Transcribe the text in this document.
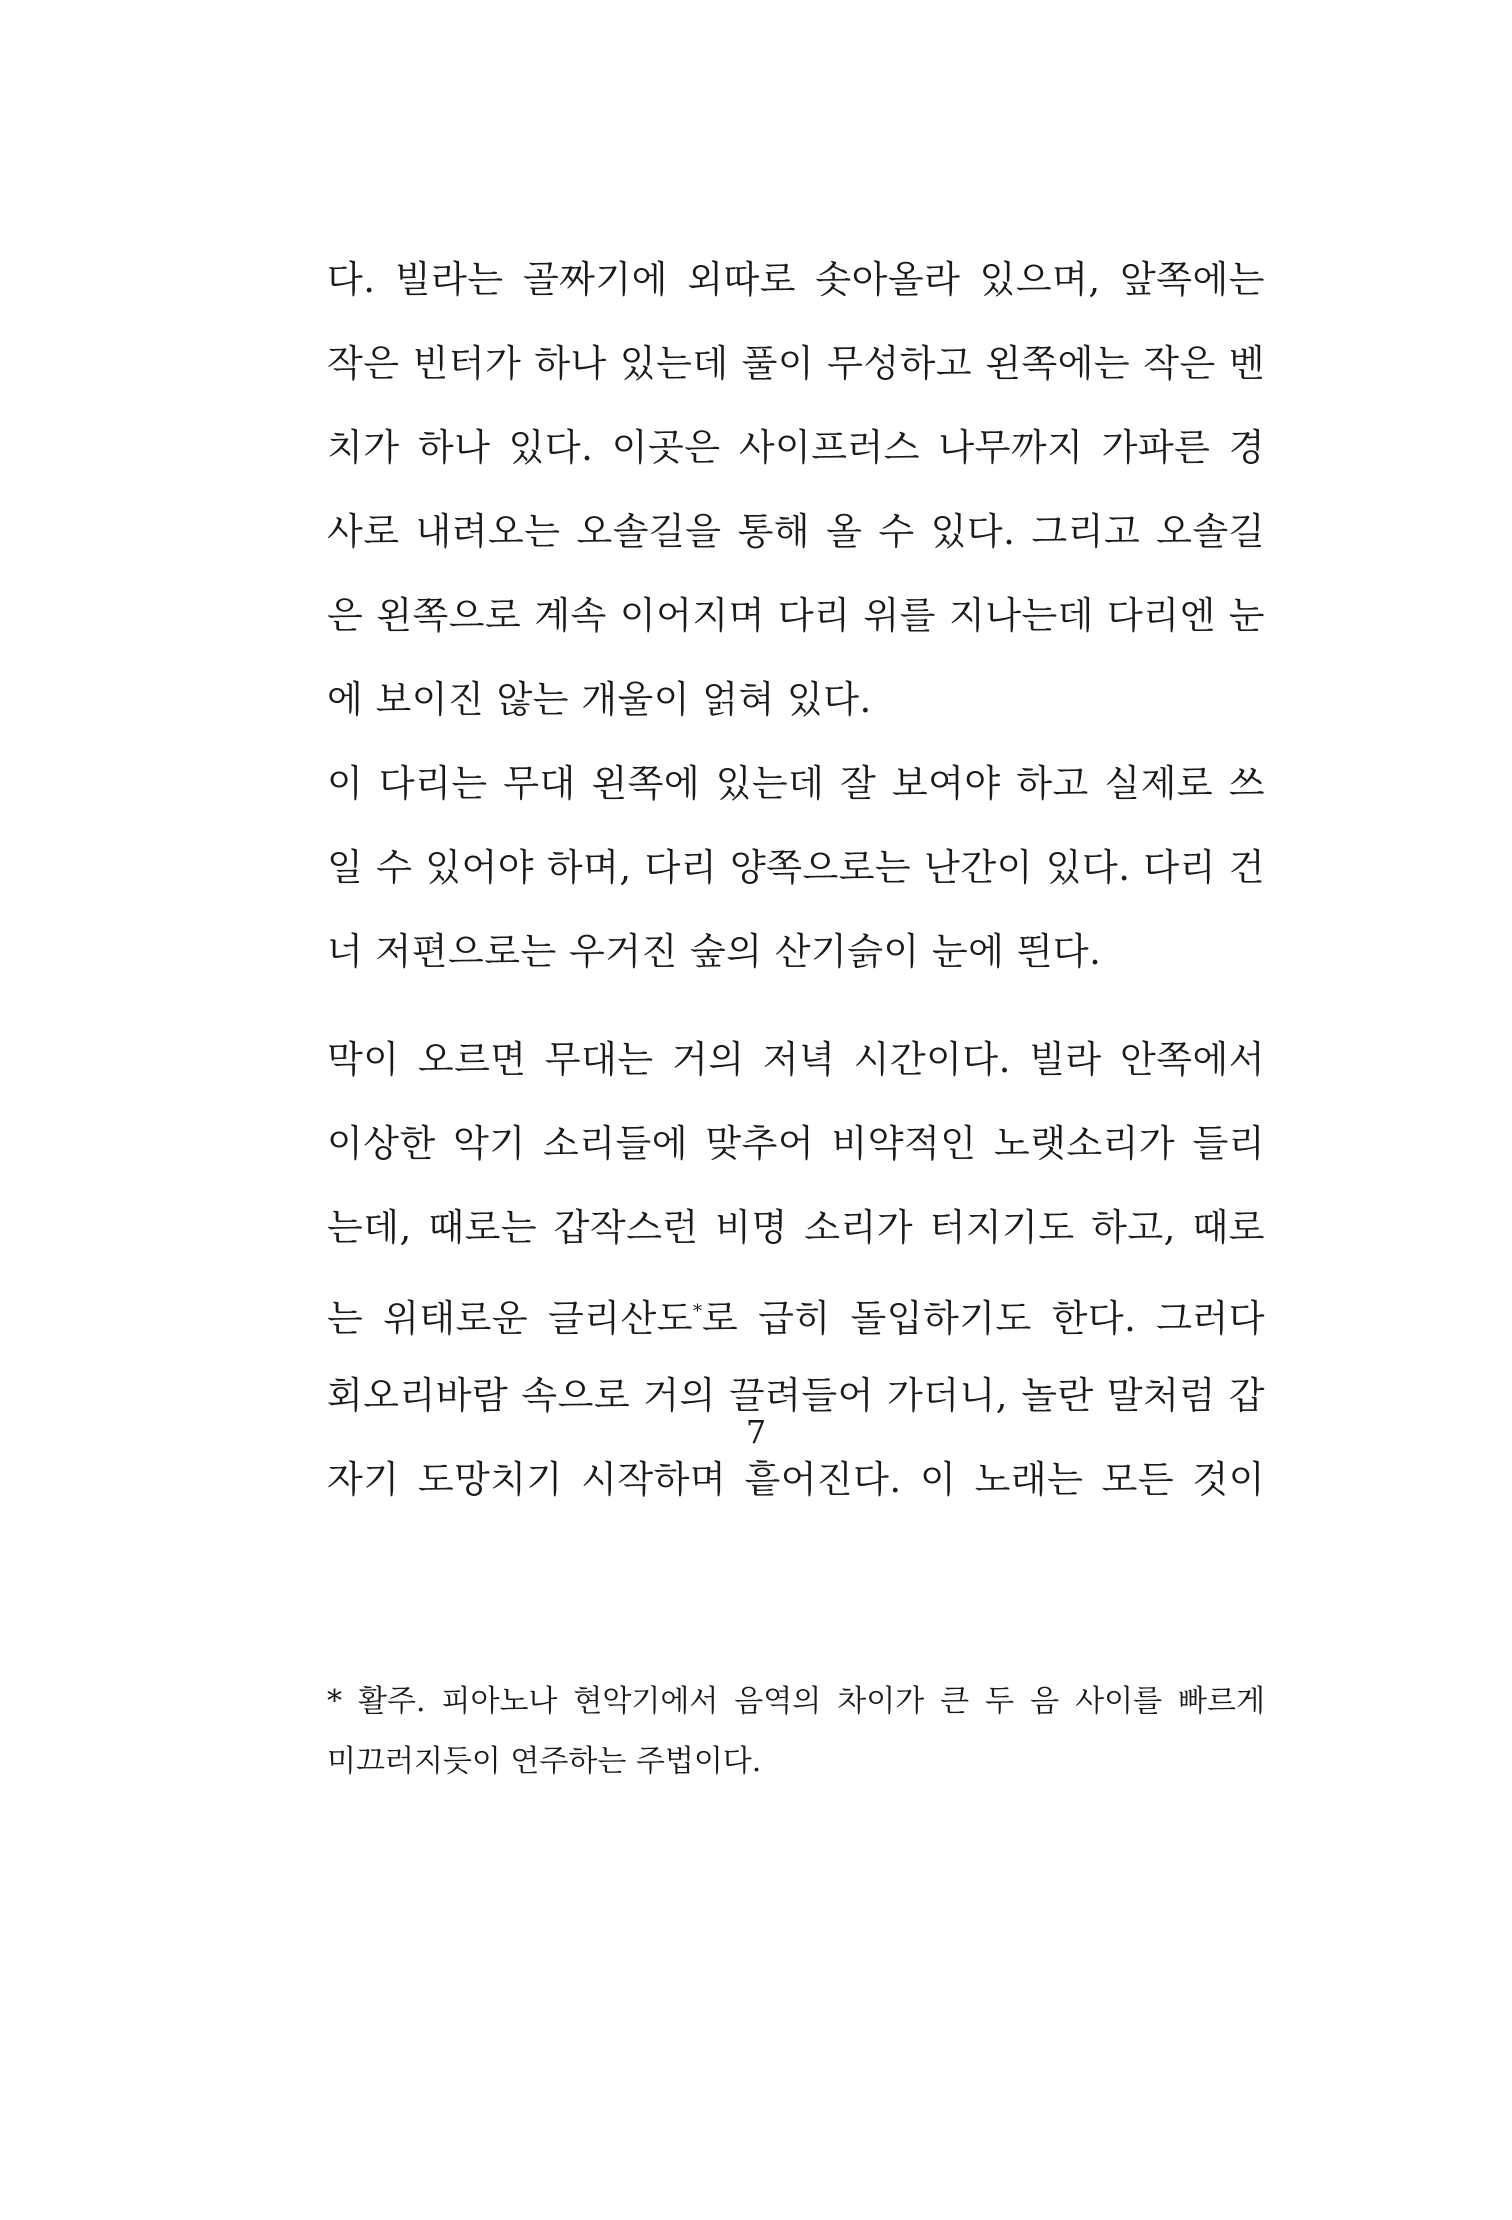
다. 빌라는 골짜기에 외따로 솟아올라 있으며, 앞쪽에는
작은 빈터가 하나 있는데 풀이 무성하고 왼쪽에는 작은 벤
치가 하나 있다. 이곳은 사이프러스 나무까지 가파른 경
사로 내려오는 오솔길을 통해 올 수 있다. 그리고 오솔길
은 왼쪽으로 계속 이어지며 다리 위를 지나는데 다리엔 눈
에 보이진 않는 개울이 얽혀 있다.
이 다리는 무대 왼쪽에 있는데 잘 보여야 하고 실제로 쓰
일 수 있어야 하며, 다리 양쪽으로는 난간이 있다. 다리 건
너 저편으로는 우거진 숲의 산기슭이 눈에 띈다.
막이 오르면 무대는 거의 저녁 시간이다. 빌라 안쪽에서
이상한 악기 소리들에 맞추어 비약적인 노랫소리가 들리
는데, 때로는 갑작스런 비명 소리가 터지기도 하고, 때로
는 위태로운 글리산도*로 급히 돌입하기도 한다. 그러다
회오리바람 속으로 거의 끌려들어 가더니, 놀란 말처럼 갑
자기 도망치기 시작하며 흩어진다. 이 노래는 모든 것이
* 활주. 피아노나 현악기에서 음역의 차이가 큰 두 음 사이를 빠르게
미끄러지듯이 연주하는 주법이다.
7
